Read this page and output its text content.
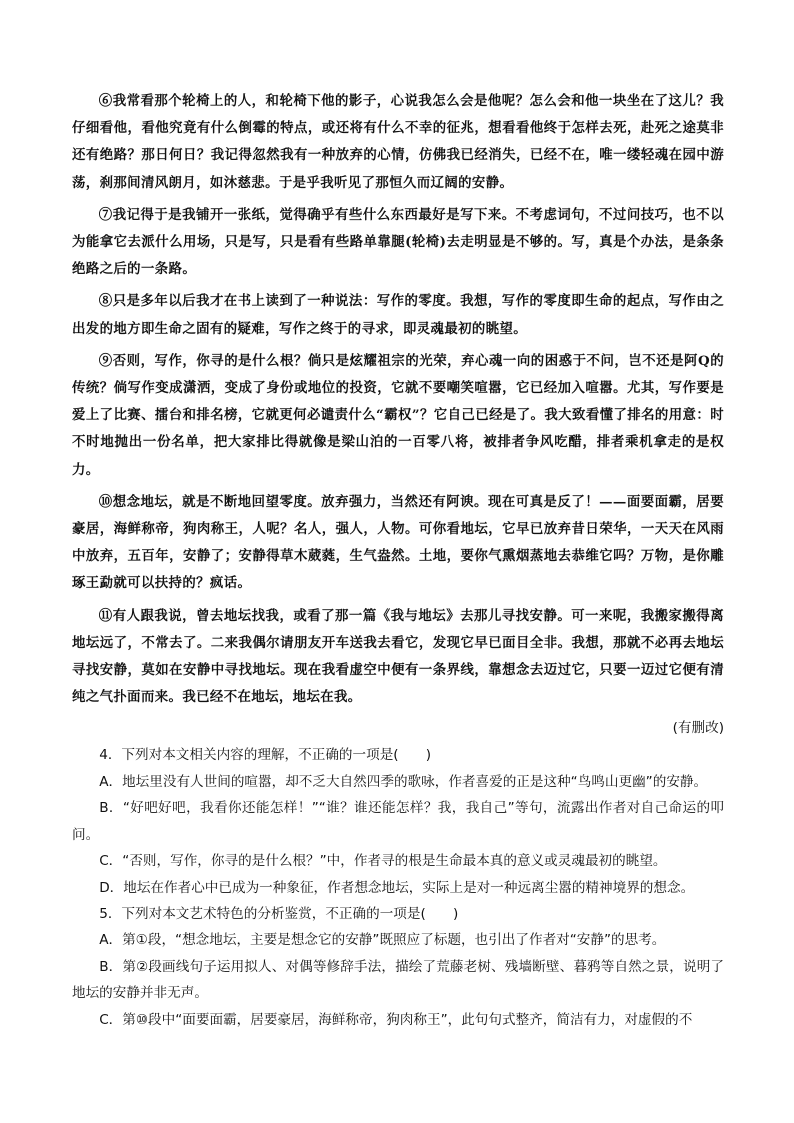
⑥我常看那个轮椅上的人，和轮椅下他的影子，心说我怎么会是他呢？怎么会和他一块坐在了这儿？我仔细看他，看他究竟有什么倒霉的特点，或还将有什么不幸的征兆，想看看他终于怎样去死，赴死之途莫非还有绝路？那日何日？我记得忽然我有一种放弃的心情，仿佛我已经消失，已经不在，唯一缕轻魂在园中游荡，刹那间清风朗月，如沐慈悲。于是乎我听见了那恒久而辽阔的安静。

⑦我记得于是我铺开一张纸，觉得确乎有些什么东西最好是写下来。不考虑词句，不过问技巧，也不以为能拿它去派什么用场，只是写，只是看有些路单靠腿(轮椅)去走明显是不够的。写，真是个办法，是条条绝路之后的一条路。

⑧只是多年以后我才在书上读到了一种说法：写作的零度。我想，写作的零度即生命的起点，写作由之出发的地方即生命之固有的疑难，写作之终于的寻求，即灵魂最初的眺望。

⑨否则，写作，你寻的是什么根？倘只是炫耀祖宗的光荣，弃心魂一向的困惑于不问，岂不还是阿Q的传统？倘写作变成潇洒，变成了身份或地位的投资，它就不要嘲笑喧嚣，它已经加入喧嚣。尤其，写作要是爱上了比赛、擂台和排名榜，它就更何必谴责什么“霸权”？它自己已经是了。我大致看懂了排名的用意：时不时地抛出一份名单，把大家排比得就像是梁山泊的一百零八将，被排者争风吃醋，排者乘机拿走的是权力。

⑩想念地坛，就是不断地回望零度。放弃强力，当然还有阿谀。现在可真是反了！——面要面霸，居要豪居，海鲜称帝，狗肉称王，人呢？名人，强人，人物。可你看地坛，它早已放弃昔日荣华，一天天在风雨中放弃，五百年，安静了；安静得草木葳蕤，生气盎然。土地，要你气熏烟蒸地去恭维它吗？万物，是你雕琢王勐就可以扶持的？疯话。

⑪有人跟我说，曾去地坛找我，或看了那一篇《我与地坛》去那儿寻找安静。可一来呢，我搬家搬得离地坛远了，不常去了。二来我偶尔请朋友开车送我去看它，发现它早已面目全非。我想，那就不必再去地坛寻找安静，莫如在安静中寻找地坛。现在我看虚空中便有一条界线，靠想念去迈过它，只要一迈过它便有清纯之气扑面而来。我已经不在地坛，地坛在我。

(有删改)

4．下列对本文相关内容的理解，不正确的一项是(　　)

A．地坛里没有人世间的喧嚣，却不乏大自然四季的歌咏，作者喜爱的正是这种“鸟鸣山更幽”的安静。

B．“好吧好吧，我看你还能怎样！”“谁？谁还能怎样？我，我自己”等句，流露出作者对自己命运的叩问。

C．“否则，写作，你寻的是什么根？”中，作者寻的根是生命最本真的意义或灵魂最初的眺望。

D．地坛在作者心中已成为一种象征，作者想念地坛，实际上是对一种远离尘嚣的精神境界的想念。

5．下列对本文艺术特色的分析鉴赏，不正确的一项是(　　)

A．第①段，“想念地坛，主要是想念它的安静”既照应了标题，也引出了作者对“安静”的思考。

B．第②段画线句子运用拟人、对偶等修辞手法，描绘了荒藤老树、残墙断壁、暮鸦等自然之景，说明了地坛的安静并非无声。

C．第⑩段中“面要面霸，居要豪居，海鲜称帝，狗肉称王”，此句句式整齐，简洁有力，对虚假的不
